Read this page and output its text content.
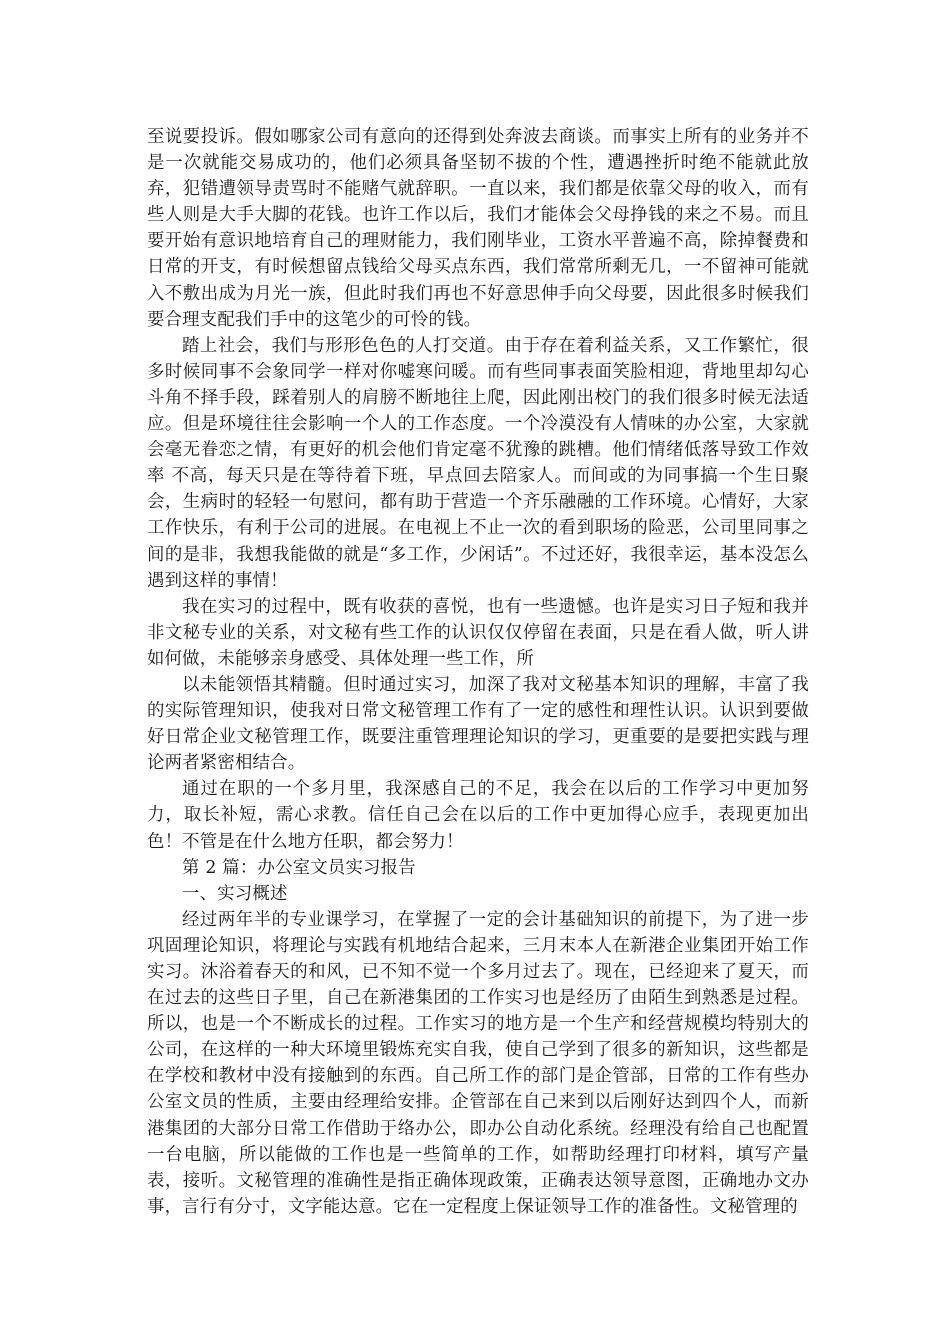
至说要投诉。假如哪家公司有意向的还得到处奔波去商谈。而事实上所有的业务并不是一次就能交易成功的，他们必须具备坚韧不拔的个性，遭遇挫折时绝不能就此放弃，犯错遭领导责骂时不能赌气就辞职。一直以来，我们都是依靠父母的收入，而有些人则是大手大脚的花钱。也许工作以后，我们才能体会父母挣钱的来之不易。而且要开始有意识地培育自己的理财能力，我们刚毕业，工资水平普遍不高，除掉餐费和日常的开支，有时候想留点钱给父母买点东西，我们常常所剩无几，一不留神可能就入不敷出成为月光一族，但此时我们再也不好意思伸手向父母要，因此很多时候我们要合理支配我们手中的这笔少的可怜的钱。

踏上社会，我们与形形色色的人打交道。由于存在着利益关系，又工作繁忙，很多时候同事不会象同学一样对你嘘寒问暖。而有些同事表面笑脸相迎，背地里却勾心斗角不择手段，踩着别人的肩膀不断地往上爬，因此刚出校门的我们很多时候无法适应。但是环境往往会影响一个人的工作态度。一个冷漠没有人情味的办公室，大家就会毫无眷恋之情，有更好的机会他们肯定毫不犹豫的跳槽。他们情绪低落导致工作效率 不高，每天只是在等待着下班，早点回去陪家人。而间或的为同事搞一个生日聚会，生病时的轻轻一句慰问，都有助于营造一个齐乐融融的工作环境。心情好，大家工作快乐，有利于公司的进展。在电视上不止一次的看到职场的险恶，公司里同事之间的是非，我想我能做的就是“多工作，少闲话”。不过还好，我很幸运，基本没怎么遇到这样的事情！

我在实习的过程中，既有收获的喜悦，也有一些遗憾。也许是实习日子短和我并非文秘专业的关系，对文秘有些工作的认识仅仅停留在表面，只是在看人做，听人讲如何做，未能够亲身感受、具体处理一些工作，所

以未能领悟其精髓。但时通过实习，加深了我对文秘基本知识的理解，丰富了我的实际管理知识，使我对日常文秘管理工作有了一定的感性和理性认识。认识到要做好日常企业文秘管理工作，既要注重管理理论知识的学习，更重要的是要把实践与理论两者紧密相结合。

通过在职的一个多月里，我深感自己的不足，我会在以后的工作学习中更加努力，取长补短，需心求教。信任自己会在以后的工作中更加得心应手，表现更加出色！不管是在什么地方任职，都会努力！

第 2 篇：办公室文员实习报告

一、实习概述

经过两年半的专业课学习，在掌握了一定的会计基础知识的前提下，为了进一步巩固理论知识，将理论与实践有机地结合起来，三月末本人在新港企业集团开始工作实习。沐浴着春天的和风，已不知不觉一个多月过去了。现在，已经迎来了夏天，而在过去的这些日子里，自己在新港集团的工作实习也是经历了由陌生到熟悉是过程。所以，也是一个不断成长的过程。工作实习的地方是一个生产和经营规模均特别大的公司，在这样的一种大环境里锻炼充实自我，使自己学到了很多的新知识，这些都是在学校和教材中没有接触到的东西。自己所工作的部门是企管部，日常的工作有些办公室文员的性质，主要由经理给安排。企管部在自己来到以后刚好达到四个人，而新港集团的大部分日常工作借助于络办公，即办公自动化系统。经理没有给自己也配置一台电脑，所以能做的工作也是一些简单的工作，如帮助经理打印材料，填写产量表，接听。文秘管理的准确性是指正确体现政策，正确表达领导意图，正确地办文办事，言行有分寸，文字能达意。它在一定程度上保证领导工作的准备性。文秘管理的
